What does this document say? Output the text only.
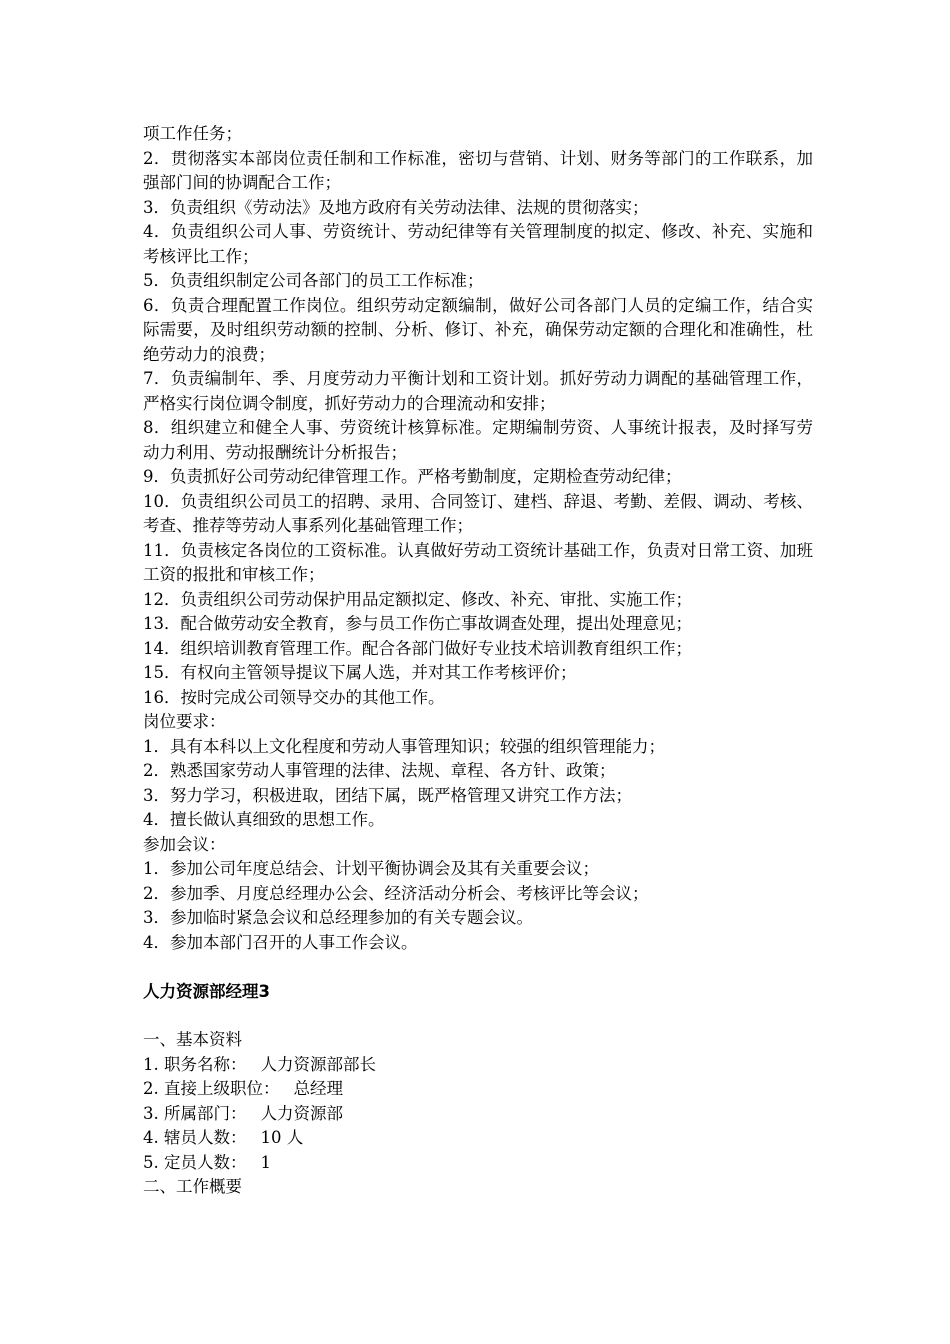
项工作任务；

2．贯彻落实本部岗位责任制和工作标准，密切与营销、计划、财务等部门的工作联系，加强部门间的协调配合工作；

3．负责组织《劳动法》及地方政府有关劳动法律、法规的贯彻落实；

4．负责组织公司人事、劳资统计、劳动纪律等有关管理制度的拟定、修改、补充、实施和考核评比工作；

5．负责组织制定公司各部门的员工工作标准；

6．负责合理配置工作岗位。组织劳动定额编制，做好公司各部门人员的定编工作，结合实际需要，及时组织劳动额的控制、分析、修订、补充，确保劳动定额的合理化和准确性，杜绝劳动力的浪费；

7．负责编制年、季、月度劳动力平衡计划和工资计划。抓好劳动力调配的基础管理工作，严格实行岗位调令制度，抓好劳动力的合理流动和安排；

8．组织建立和健全人事、劳资统计核算标准。定期编制劳资、人事统计报表，及时择写劳动力利用、劳动报酬统计分析报告；

9．负责抓好公司劳动纪律管理工作。严格考勤制度，定期检查劳动纪律；

10．负责组织公司员工的招聘、录用、合同签订、建档、辞退、考勤、差假、调动、考核、考查、推荐等劳动人事系列化基础管理工作；

11．负责核定各岗位的工资标准。认真做好劳动工资统计基础工作，负责对日常工资、加班工资的报批和审核工作；

12．负责组织公司劳动保护用品定额拟定、修改、补充、审批、实施工作；

13．配合做劳动安全教育，参与员工作伤亡事故调查处理，提出处理意见；

14．组织培训教育管理工作。配合各部门做好专业技术培训教育组织工作；

15．有权向主管领导提议下属人选，并对其工作考核评价；

16．按时完成公司领导交办的其他工作。

岗位要求：

1．具有本科以上文化程度和劳动人事管理知识；较强的组织管理能力；

2．熟悉国家劳动人事管理的法律、法规、章程、各方针、政策；

3．努力学习，积极进取，团结下属，既严格管理又讲究工作方法；

4．擅长做认真细致的思想工作。

参加会议：

1．参加公司年度总结会、计划平衡协调会及其有关重要会议；

2．参加季、月度总经理办公会、经济活动分析会、考核评比等会议；

3．参加临时紧急会议和总经理参加的有关专题会议。

4．参加本部门召开的人事工作会议。

人力资源部经理3

一、基本资料

1. 职务名称： 人力资源部部长

2. 直接上级职位： 总经理

3. 所属部门： 人力资源部

4. 辖员人数： 10 人

5. 定员人数： 1

二、工作概要
